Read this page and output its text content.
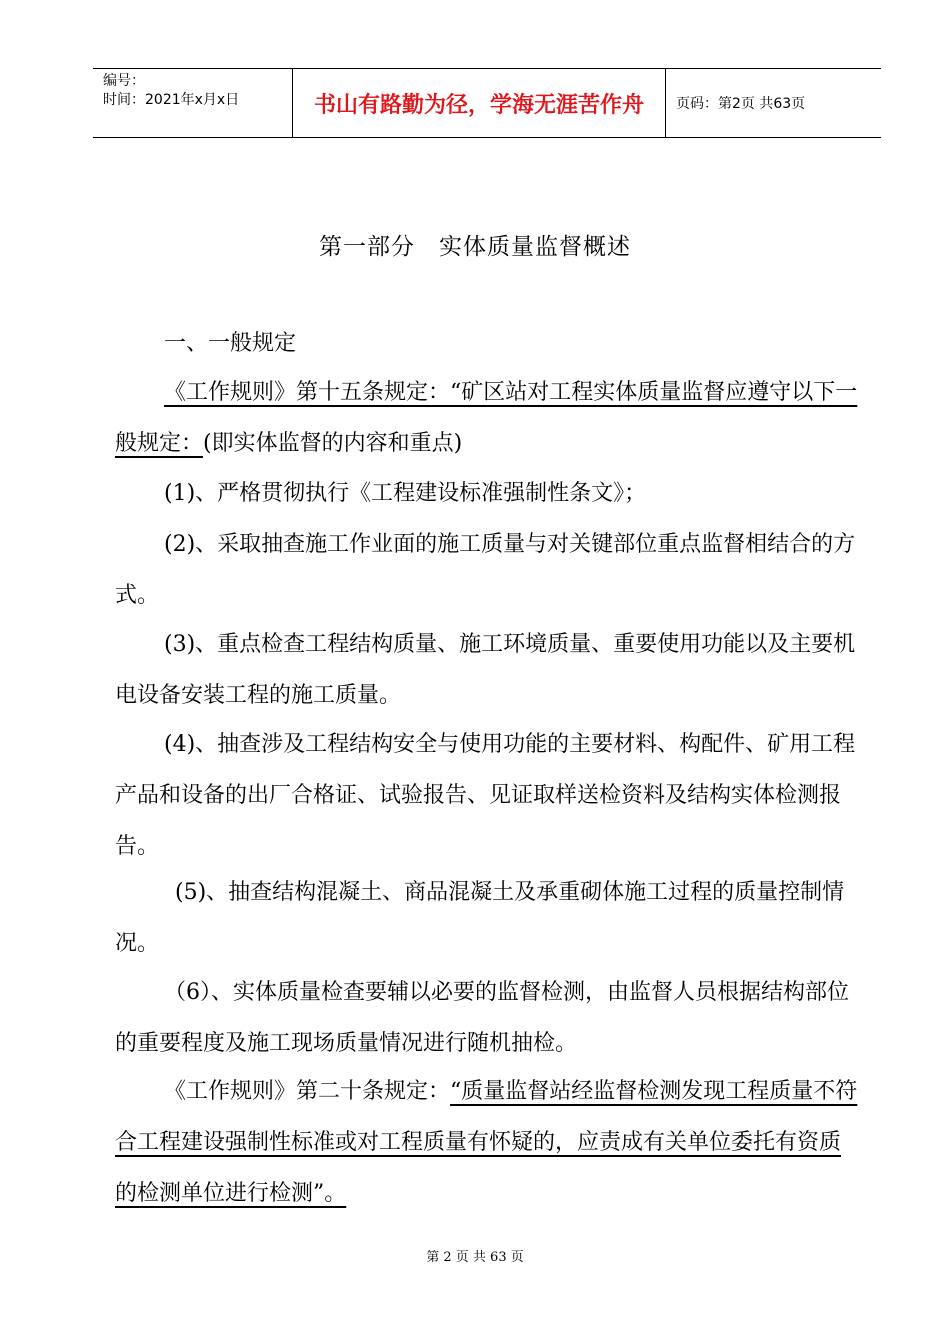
编号：
时间：2021年x月x日	书山有路勤为径，学海无涯苦作舟 页码：第2页 共63页
第一部分　实体质量监督概述
一、一般规定
《工作规则》第十五条规定：“矿区站对工程实体质量监督应遵守以下一般规定：(即实体监督的内容和重点)
(1)、严格贯彻执行《工程建设标准强制性条文》；
(2)、采取抽查施工作业面的施工质量与对关键部位重点监督相结合的方式。
(3)、重点检查工程结构质量、施工环境质量、重要使用功能以及主要机电设备安装工程的施工质量。
(4)、抽查涉及工程结构安全与使用功能的主要材料、构配件、矿用工程产品和设备的出厂合格证、试验报告、见证取样送检资料及结构实体检测报告。
(5)、抽查结构混凝土、商品混凝土及承重砌体施工过程的质量控制情况。
（6）、实体质量检查要辅以必要的监督检测，由监督人员根据结构部位的重要程度及施工现场质量情况进行随机抽检。
《工作规则》第二十条规定：“质量监督站经监督检测发现工程质量不符合工程建设强制性标准或对工程质量有怀疑的，应责成有关单位委托有资质的检测单位进行检测”。
第 2 页 共 63 页
